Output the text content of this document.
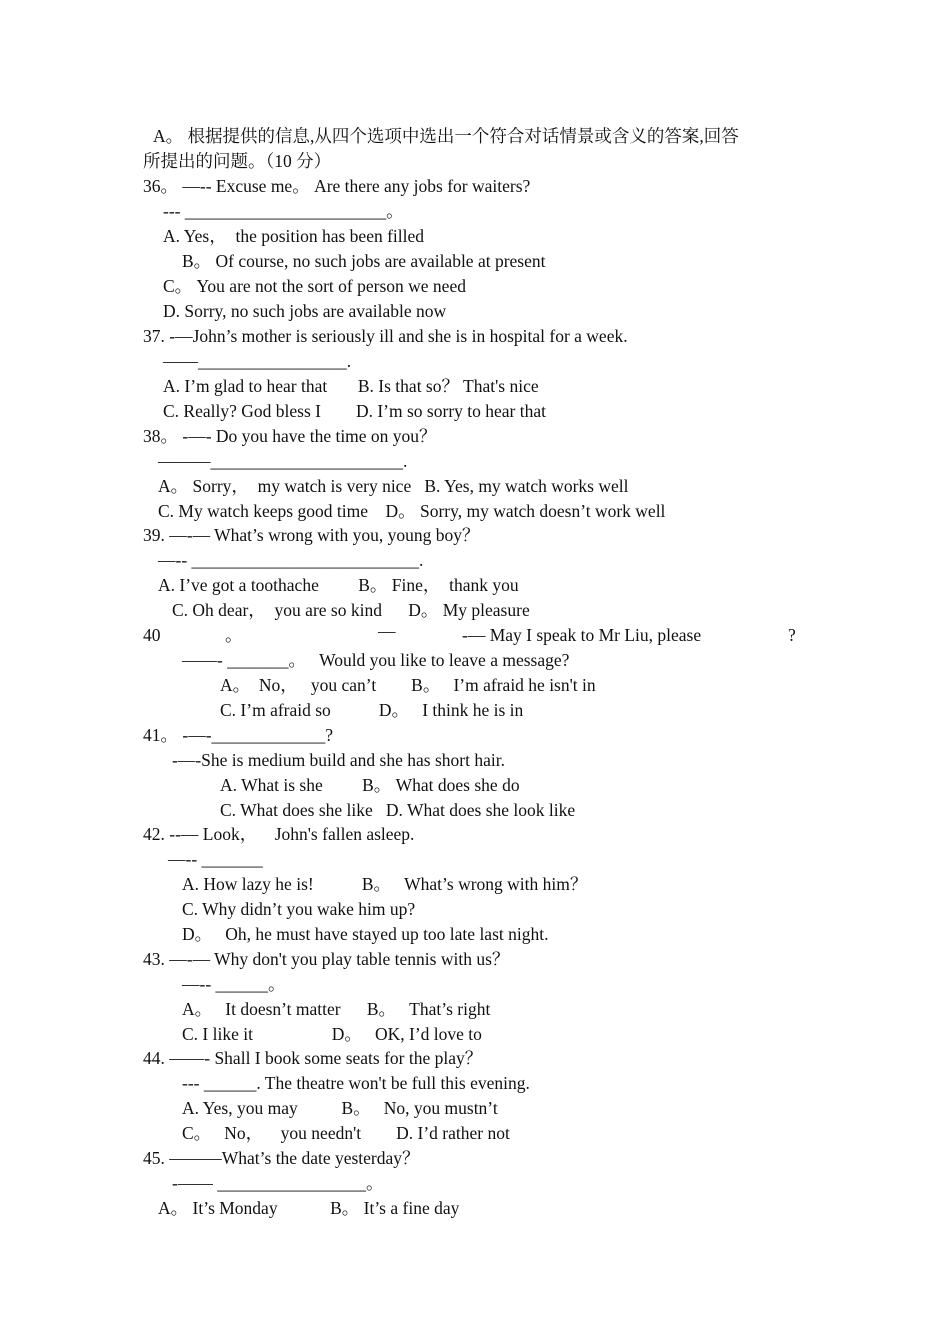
A。 根据提供的信息,从四个选项中选出一个符合对话情景或含义的答案,回答
所提出的问题。（10 分）
36。 —-- Excuse me。 Are there any jobs for waiters?
--- _______________________。
A. Yes，  the position has been filled
B。 Of course, no such jobs are available at present
C。 You are not the sort of person we need
D. Sorry, no such jobs are available now
37. -—John’s mother is seriously ill and she is in hospital for a week.
——_________________.
A. I’m glad to hear that       B. Is that so？ That's nice
C. Really? God bless I        D. I’m so sorry to hear that
38。 -—- Do you have the time on you？
———______________________.
A。 Sorry，  my watch is very nice   B. Yes, my watch works well
C. My watch keeps good time    D。 Sorry, my watch doesn’t work well
39. —-— What’s wrong with you, young boy？
—-- __________________________.
A. I’ve got a toothache         B。 Fine，  thank you
C. Oh dear，  you are so kind      D。 My pleasure
40	。	—	-— May I speak to Mr Liu, please	?
——- _______。   Would you like to leave a message?
A。  No，   you can’t        B。   I’m afraid he isn't in
C. I’m afraid so           D。   I think he is in
41。 -—-_____________?
-—-She is medium build and she has short hair.
A. What is she         B。 What does she do
C. What does she like   D. What does she look like
42. --— Look，    John's fallen asleep.
—-- _______
A. How lazy he is!           B。   What’s wrong with him？
C. Why didn’t you wake him up?
D。   Oh, he must have stayed up too late last night.
43. —-— Why don't you play table tennis with us？
—-- ______。
A。   It doesn’t matter      B。   That’s right
C. I like it                  D。   OK, I’d love to
44. ——- Shall I book some seats for the play？
--- ______. The theatre won't be full this evening.
A. Yes, you may          B。   No, you mustn’t
C。   No，    you needn't        D. I’d rather not
45. ———What’s the date yesterday？
-—— _________________。
A。 It’s Monday            B。 It’s a fine day
